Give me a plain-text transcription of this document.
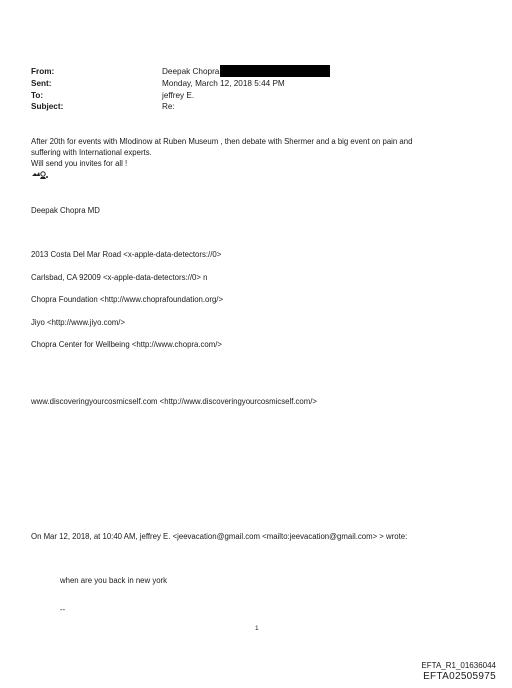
From:	Deepak Chopra
Sent:	Monday, March 12, 2018 5:44 PM
To:	jeffrey E.
Subject:	Re:
After 20th for events with Mlodinow at Ruben Museum , then debate with Shermer and a big event on pain and
suffering with International experts.
Will send you invites for all !
Deepak Chopra MD
2013 Costa Del Mar Road <x-apple-data-detectors://0>
Carlsbad, CA 92009 <x-apple-data-detectors://0> n
Chopra Foundation <http://www.choprafoundation.org/>
Jiyo <http://www.jiyo.com/>
Chopra Center for Wellbeing <http://www.chopra.com/>
www.discoveringyourcosmicself.com <http://www.discoveringyourcosmicself.com/>
On Mar 12, 2018, at 10:40 AM, jeffrey E. <jeevacation@gmail.com <mailto:jeevacation@gmail.com> > wrote:
when are you back in new york
--
1
EFTA_R1_01636044
EFTA02505975
